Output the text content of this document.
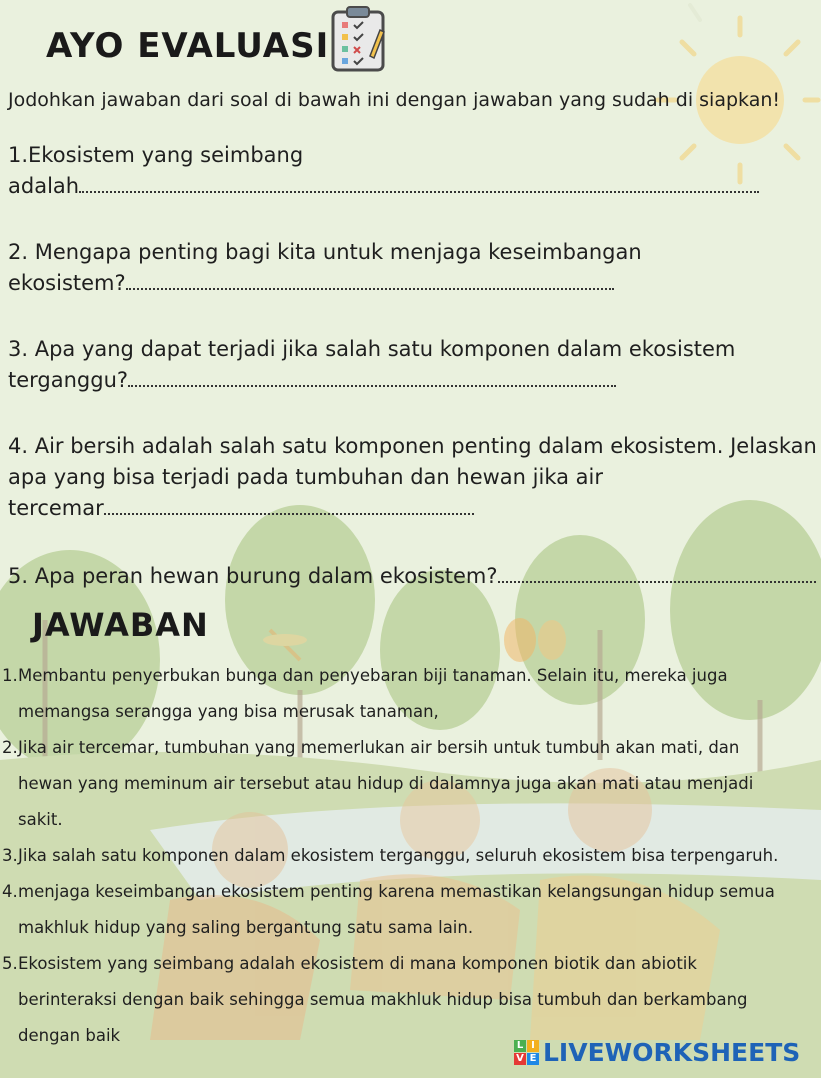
AYO EVALUASI
Jodohkan jawaban dari soal di bawah ini dengan jawaban yang sudah di siapkan!
1.Ekosistem yang seimbang
adalah
2. Mengapa penting bagi kita untuk menjaga keseimbangan
ekosistem?
3. Apa yang dapat terjadi jika salah satu komponen dalam ekosistem
terganggu?
4. Air bersih adalah salah satu komponen penting dalam ekosistem. Jelaskan
apa yang bisa terjadi pada tumbuhan dan hewan jika air
tercemar
5. Apa peran hewan burung dalam ekosistem?
JAWABAN
1. Membantu penyerbukan bunga dan penyebaran biji tanaman. Selain itu, mereka juga
memangsa serangga yang bisa merusak tanaman,
2. Jika air tercemar, tumbuhan yang memerlukan air bersih untuk tumbuh akan mati, dan
hewan yang meminum air tersebut atau hidup di dalamnya juga akan mati atau menjadi
sakit.
3. Jika salah satu komponen dalam ekosistem terganggu, seluruh ekosistem bisa terpengaruh.
4. menjaga keseimbangan ekosistem penting karena memastikan kelangsungan hidup semua
makhluk hidup yang saling bergantung satu sama lain.
5. Ekosistem yang seimbang adalah ekosistem di mana komponen biotik dan abiotik
berinteraksi dengan baik sehingga semua makhluk hidup bisa tumbuh dan berkambang
dengan baik
L I
V E LIVEWORKSHEETS
